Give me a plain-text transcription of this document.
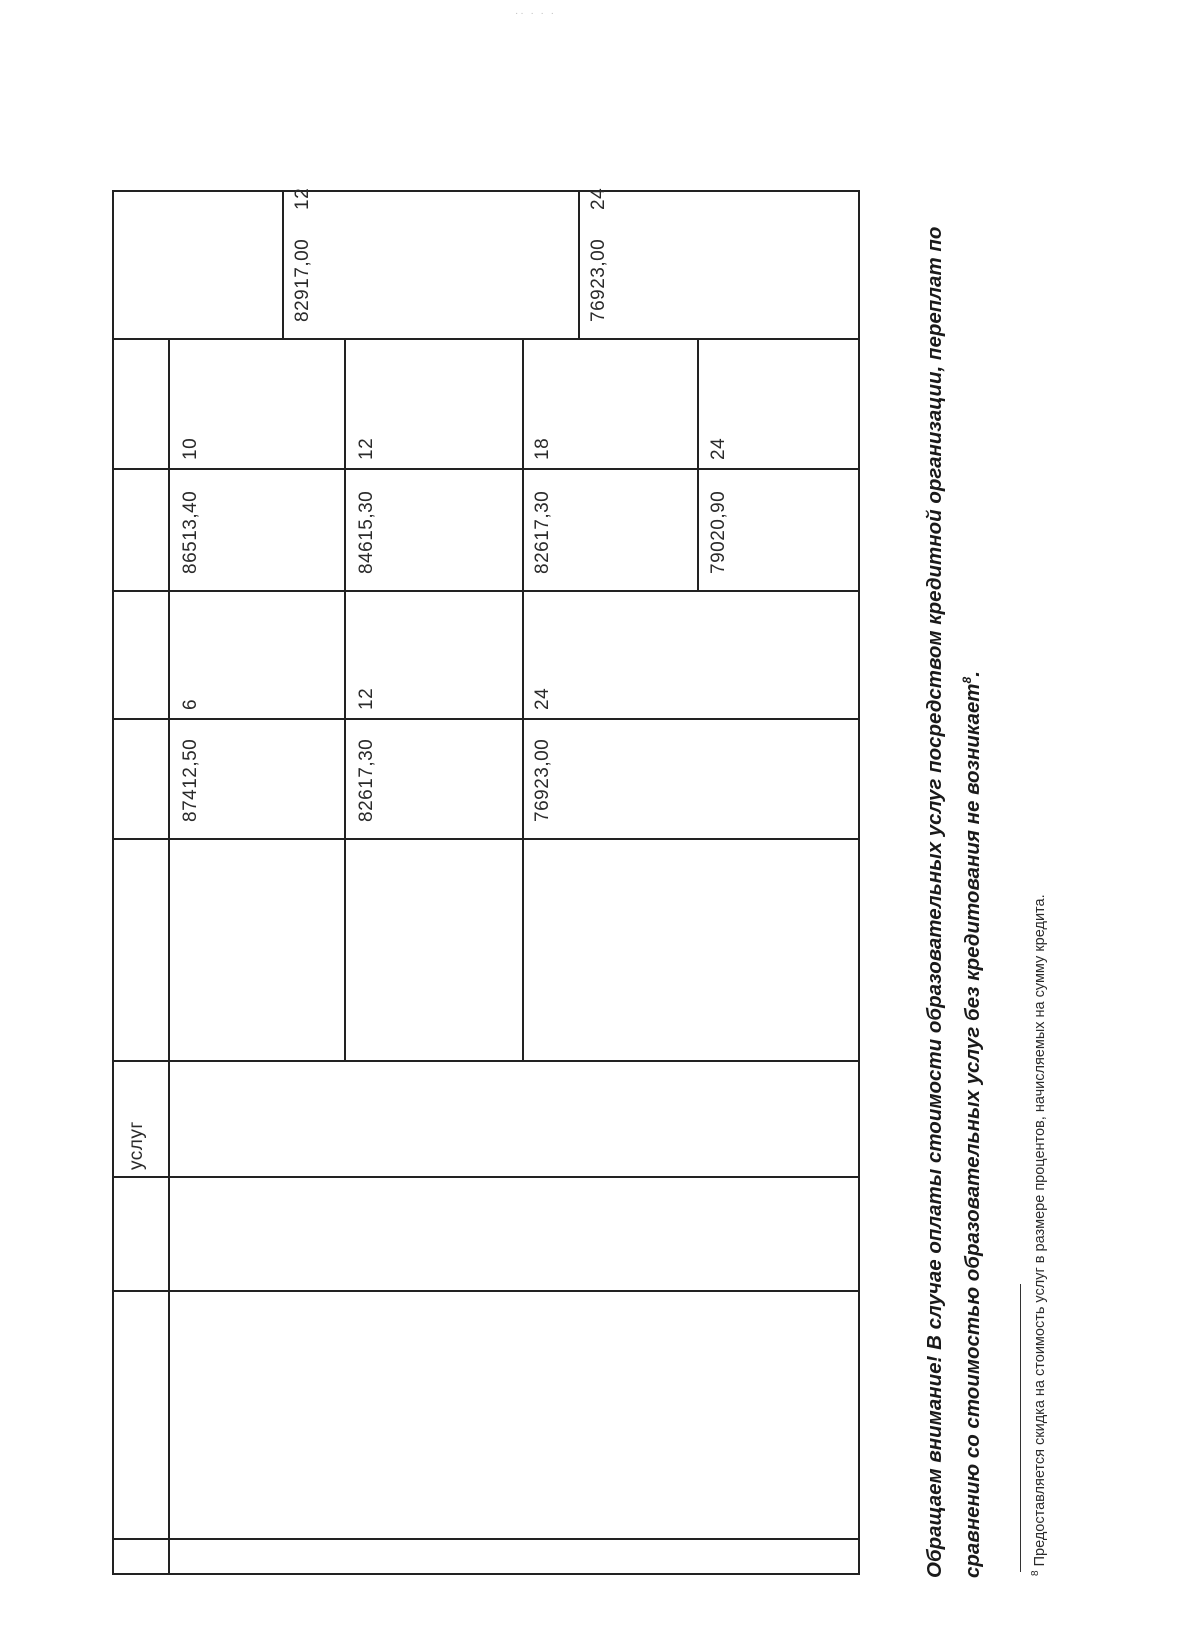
·· · · ·
услуг
87412,50
6
82617,30
12
76923,00
24
86513,40
10
84615,30
12
82617,30
18
79020,90
24
82917,00
12
76923,00
24
Обращаем внимание! В случае оплаты стоимости образовательных услуг посредством кредитной организации, переплат по сравнению со стоимостью образовательных услуг без кредитования не возникает$^8$.
$^8$ Предоставляется скидка на стоимость услуг в размере процентов, начисляемых на сумму кредита.
